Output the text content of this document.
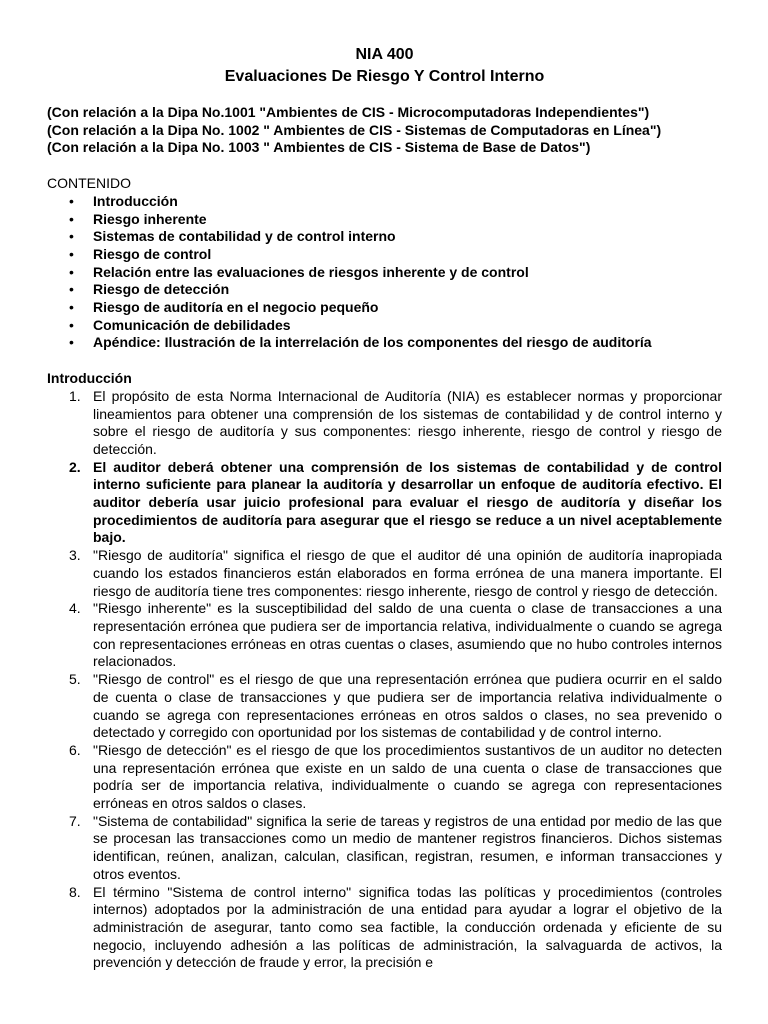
NIA 400
Evaluaciones De Riesgo Y Control Interno

(Con relación a la Dipa No.1001 "Ambientes de CIS - Microcomputadoras Independientes")

(Con relación a la Dipa No. 1002 " Ambientes de CIS - Sistemas de Computadoras en Línea")

(Con relación a la Dipa No. 1003 " Ambientes de CIS - Sistema de Base de Datos")

CONTENIDO
• Introducción
• Riesgo inherente
• Sistemas de contabilidad y de control interno
• Riesgo de control
• Relación entre las evaluaciones de riesgos inherente y de control
• Riesgo de detección
• Riesgo de auditoría en el negocio pequeño
• Comunicación de debilidades
• Apéndice: Ilustración de la interrelación de los componentes del riesgo de auditoría
Introducción
1. El propósito de esta Norma Internacional de Auditoría (NIA) es establecer normas y proporcionar lineamientos para obtener una comprensión de los sistemas de contabilidad y de control interno y sobre el riesgo de auditoría y sus componentes: riesgo inherente, riesgo de control y riesgo de detección.
2. El auditor deberá obtener una comprensión de los sistemas de contabilidad y de control interno suficiente para planear la auditoría y desarrollar un enfoque de auditoría efectivo. El auditor debería usar juicio profesional para evaluar el riesgo de auditoría y diseñar los procedimientos de auditoría para asegurar que el riesgo se reduce a un nivel aceptablemente bajo.
3. "Riesgo de auditoría" significa el riesgo de que el auditor dé una opinión de auditoría inapropiada cuando los estados financieros están elaborados en forma errónea de una manera importante. El riesgo de auditoría tiene tres componentes: riesgo inherente, riesgo de control y riesgo de detección.
4. "Riesgo inherente" es la susceptibilidad del saldo de una cuenta o clase de transacciones a una representación errónea que pudiera ser de importancia relativa, individualmente o cuando se agrega con representaciones erróneas en otras cuentas o clases, asumiendo que no hubo controles internos relacionados.
5. "Riesgo de control" es el riesgo de que una representación errónea que pudiera ocurrir en el saldo de cuenta o clase de transacciones y que pudiera ser de importancia relativa individualmente o cuando se agrega con representaciones erróneas en otros saldos o clases, no sea prevenido o detectado y corregido con oportunidad por los sistemas de contabilidad y de control interno.
6. "Riesgo de detección" es el riesgo de que los procedimientos sustantivos de un auditor no detecten una representación errónea que existe en un saldo de una cuenta o clase de transacciones que podría ser de importancia relativa, individualmente o cuando se agrega con representaciones erróneas en otros saldos o clases.
7. "Sistema de contabilidad" significa la serie de tareas y registros de una entidad por medio de las que se procesan las transacciones como un medio de mantener registros financieros. Dichos sistemas identifican, reúnen, analizan, calculan, clasifican, registran, resumen, e informan transacciones y otros eventos.
8. El término "Sistema de control interno" significa todas las políticas y procedimientos (controles internos) adoptados por la administración de una entidad para ayudar a lograr el objetivo de la administración de asegurar, tanto como sea factible, la conducción ordenada y eficiente de su negocio, incluyendo adhesión a las políticas de administración, la salvaguarda de activos, la prevención y detección de fraude y error, la precisión e
